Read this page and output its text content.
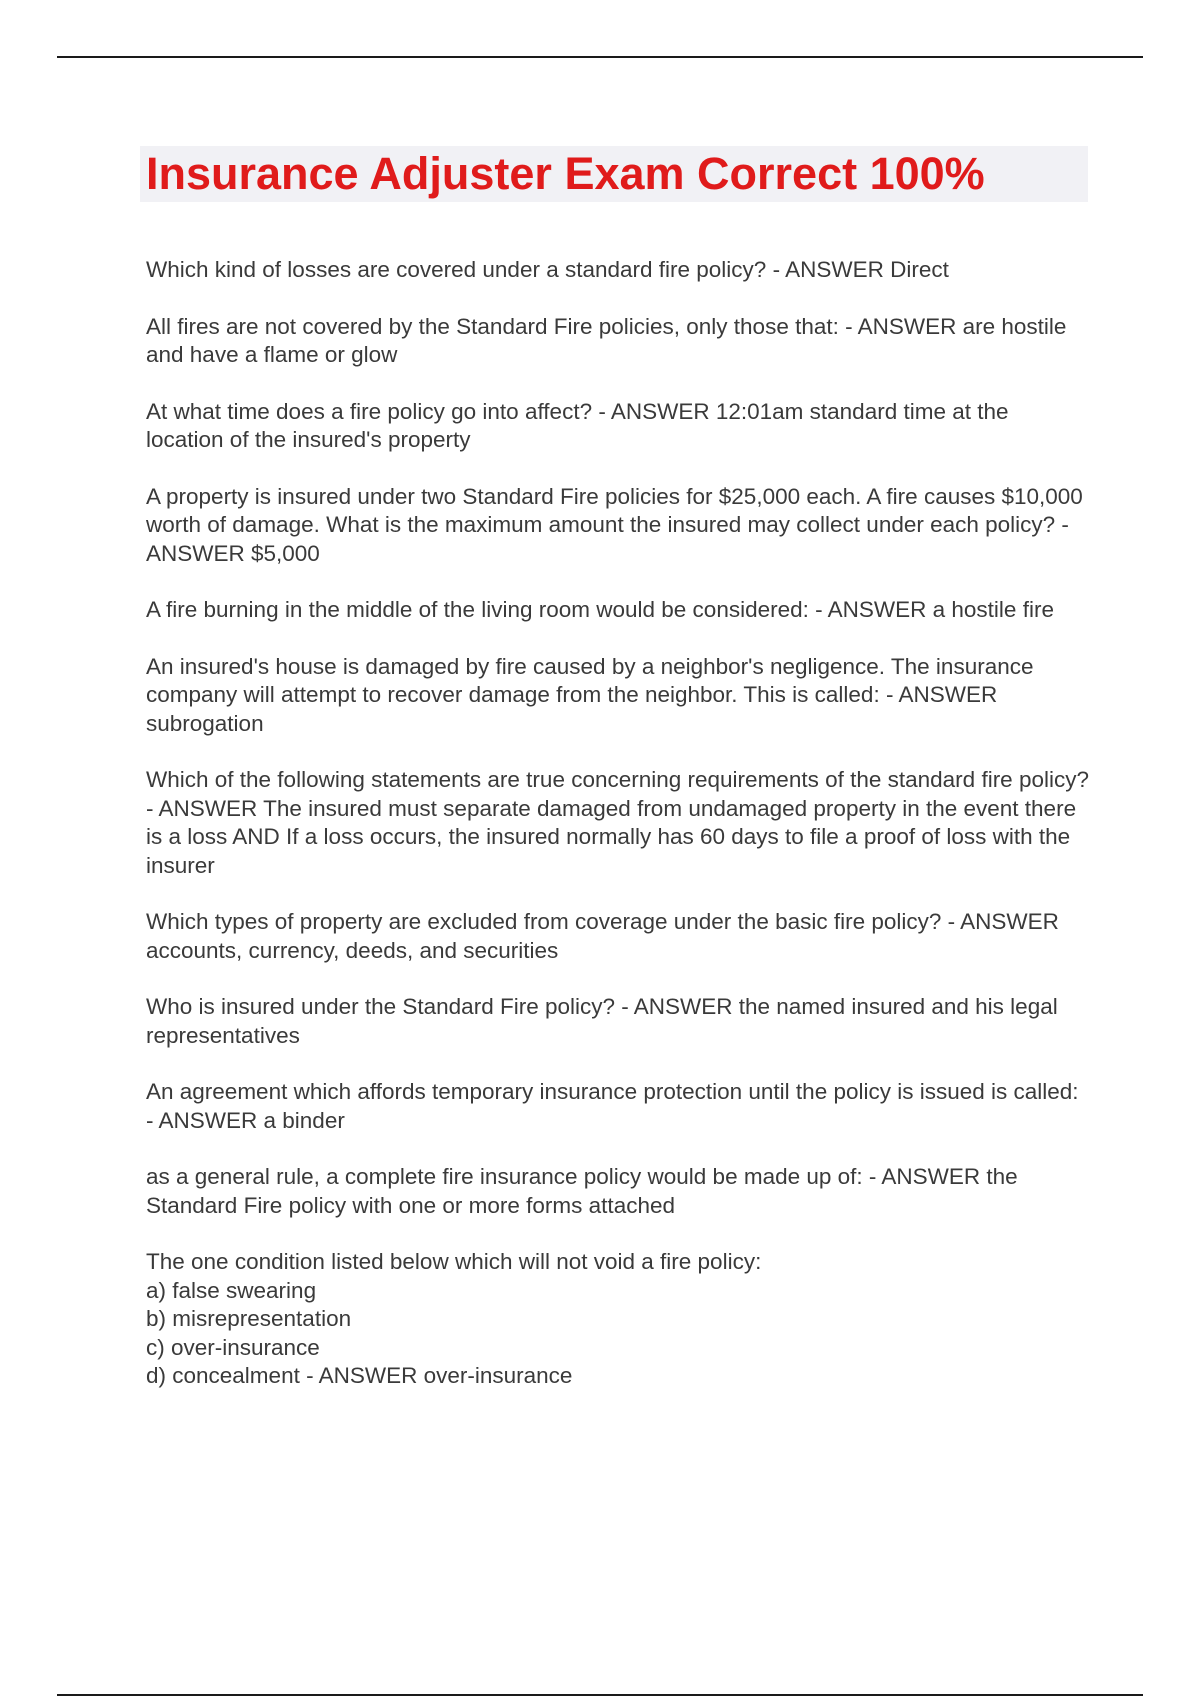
Insurance Adjuster Exam Correct 100%

Which kind of losses are covered under a standard fire policy? - ANSWER Direct

All fires are not covered by the Standard Fire policies, only those that: - ANSWER are hostile and have a flame or glow

At what time does a fire policy go into affect? - ANSWER 12:01am standard time at the location of the insured's property

A property is insured under two Standard Fire policies for $25,000 each. A fire causes $10,000 worth of damage. What is the maximum amount the insured may collect under each policy? - ANSWER $5,000

A fire burning in the middle of the living room would be considered: - ANSWER a hostile fire

An insured's house is damaged by fire caused by a neighbor's negligence. The insurance company will attempt to recover damage from the neighbor. This is called: - ANSWER subrogation

Which of the following statements are true concerning requirements of the standard fire policy? - ANSWER The insured must separate damaged from undamaged property in the event there is a loss AND If a loss occurs, the insured normally has 60 days to file a proof of loss with the insurer

Which types of property are excluded from coverage under the basic fire policy? - ANSWER accounts, currency, deeds, and securities

Who is insured under the Standard Fire policy? - ANSWER the named insured and his legal representatives

An agreement which affords temporary insurance protection until the policy is issued is called: - ANSWER a binder

as a general rule, a complete fire insurance policy would be made up of: - ANSWER the Standard Fire policy with one or more forms attached

The one condition listed below which will not void a fire policy:
a) false swearing
b) misrepresentation
c) over-insurance
d) concealment - ANSWER over-insurance
